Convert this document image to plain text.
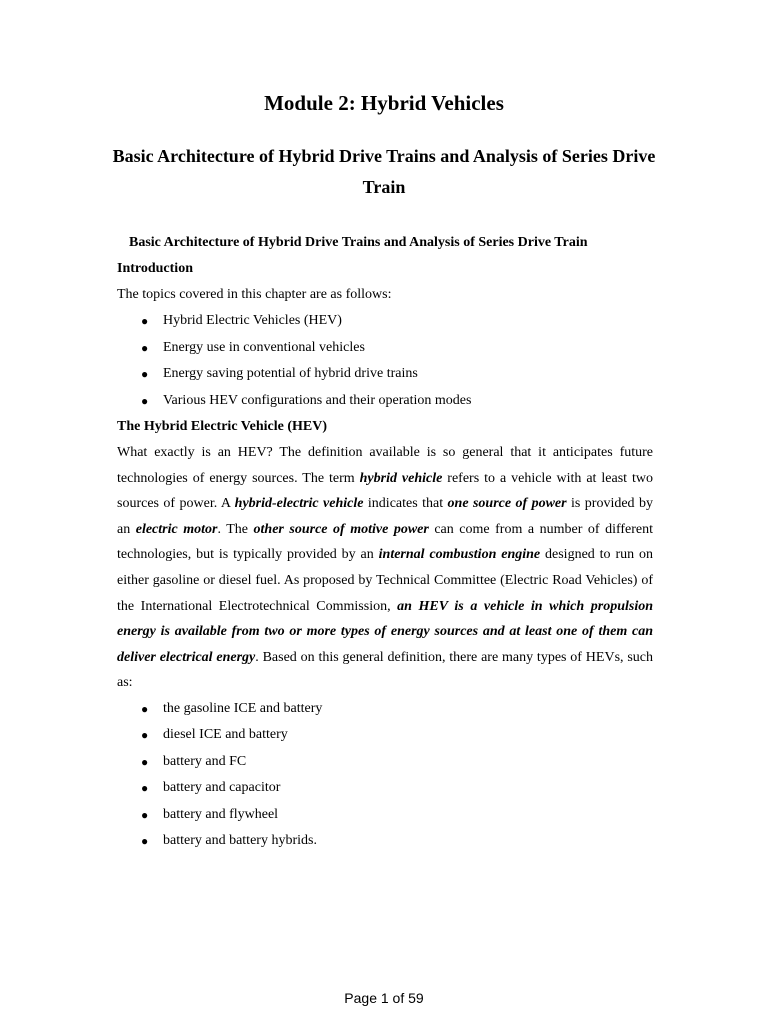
Module 2: Hybrid Vehicles
Basic Architecture of Hybrid Drive Trains and Analysis of Series Drive Train

Basic Architecture of Hybrid Drive Trains and Analysis of Series Drive Train

Introduction

The topics covered in this chapter are as follows:

● Hybrid Electric Vehicles (HEV)
● Energy use in conventional vehicles
● Energy saving potential of hybrid drive trains
● Various HEV configurations and their operation modes

The Hybrid Electric Vehicle (HEV)

What exactly is an HEV? The definition available is so general that it anticipates future technologies of energy sources. The term hybrid vehicle refers to a vehicle with at least two sources of power. A hybrid-electric vehicle indicates that one source of power is provided by an electric motor. The other source of motive power can come from a number of different technologies, but is typically provided by an internal combustion engine designed to run on either gasoline or diesel fuel. As proposed by Technical Committee (Electric Road Vehicles) of the International Electrotechnical Commission, an HEV is a vehicle in which propulsion energy is available from two or more types of energy sources and at least one of them can deliver electrical energy. Based on this general definition, there are many types of HEVs, such as:

● the gasoline ICE and battery
● diesel ICE and battery
● battery and FC
● battery and capacitor
● battery and flywheel
● battery and battery hybrids.
Page 1 of 59
